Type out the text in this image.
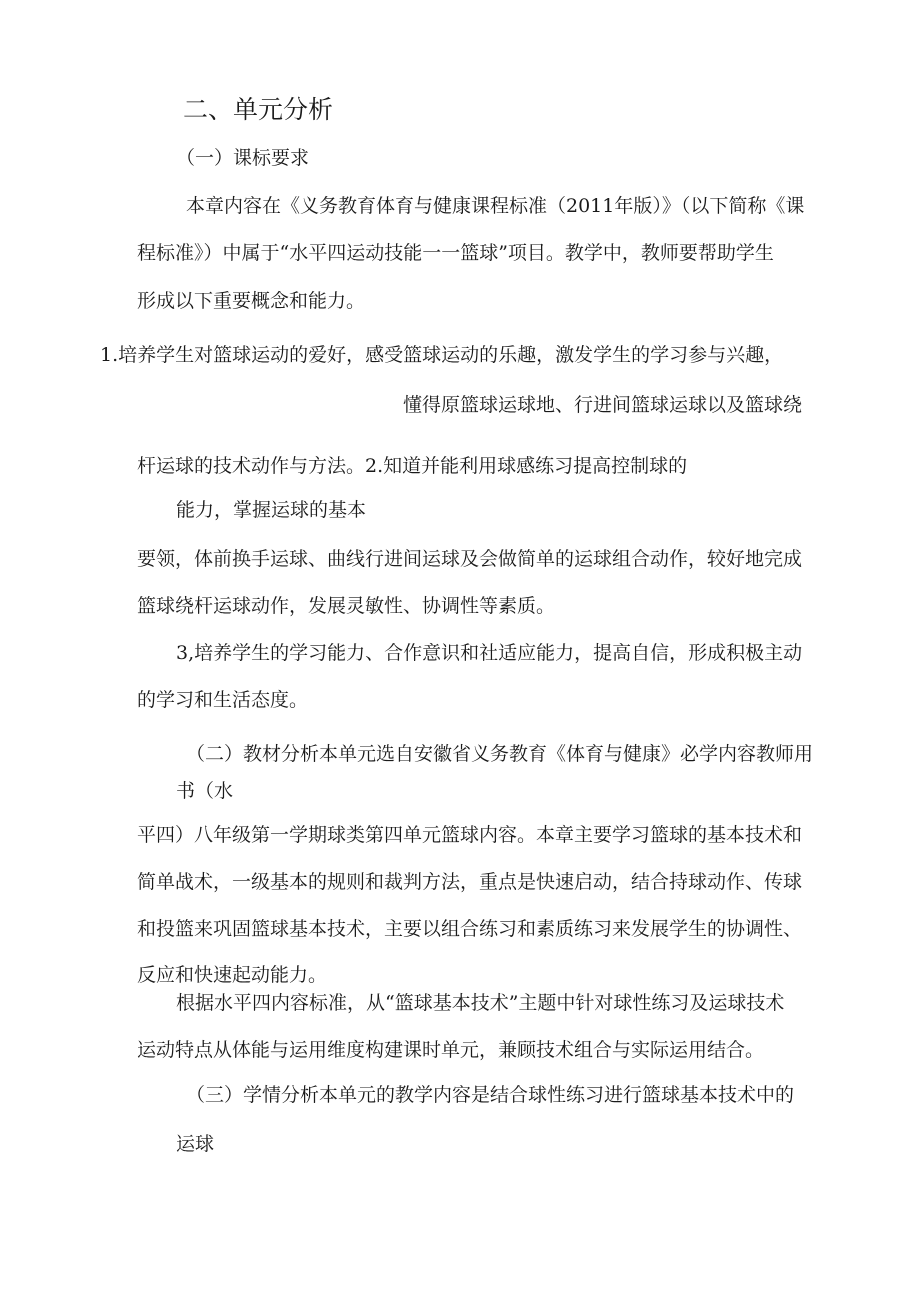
二、单元分析
（一）课标要求
本章内容在《义务教育体育与健康课程标准（2011年版）》（以下简称《课
程标准》）中属于“水平四运动技能一一篮球”项目。教学中，教师要帮助学生
形成以下重要概念和能力。
1.培养学生对篮球运动的爱好，感受篮球运动的乐趣，激发学生的学习参与兴趣，
懂得原篮球运球地、行进间篮球运球以及篮球绕
杆运球的技术动作与方法。2.知道并能利用球感练习提高控制球的
能力，掌握运球的基本
要领，体前换手运球、曲线行进间运球及会做简单的运球组合动作，较好地完成
篮球绕杆运球动作，发展灵敏性、协调性等素质。
3,培养学生的学习能力、合作意识和社适应能力，提高自信，形成积极主动
的学习和生活态度。
（二）教材分析本单元选自安徽省义务教育《体育与健康》必学内容教师用
书（水
平四）八年级第一学期球类第四单元篮球内容。本章主要学习篮球的基本技术和
简单战术，一级基本的规则和裁判方法，重点是快速启动，结合持球动作、传球
和投篮来巩固篮球基本技术，主要以组合练习和素质练习来发展学生的协调性、
反应和快速起动能力。
根据水平四内容标准，从“篮球基本技术”主题中针对球性练习及运球技术
运动特点从体能与运用维度构建课时单元，兼顾技术组合与实际运用结合。
（三）学情分析本单元的教学内容是结合球性练习进行篮球基本技术中的
运球
